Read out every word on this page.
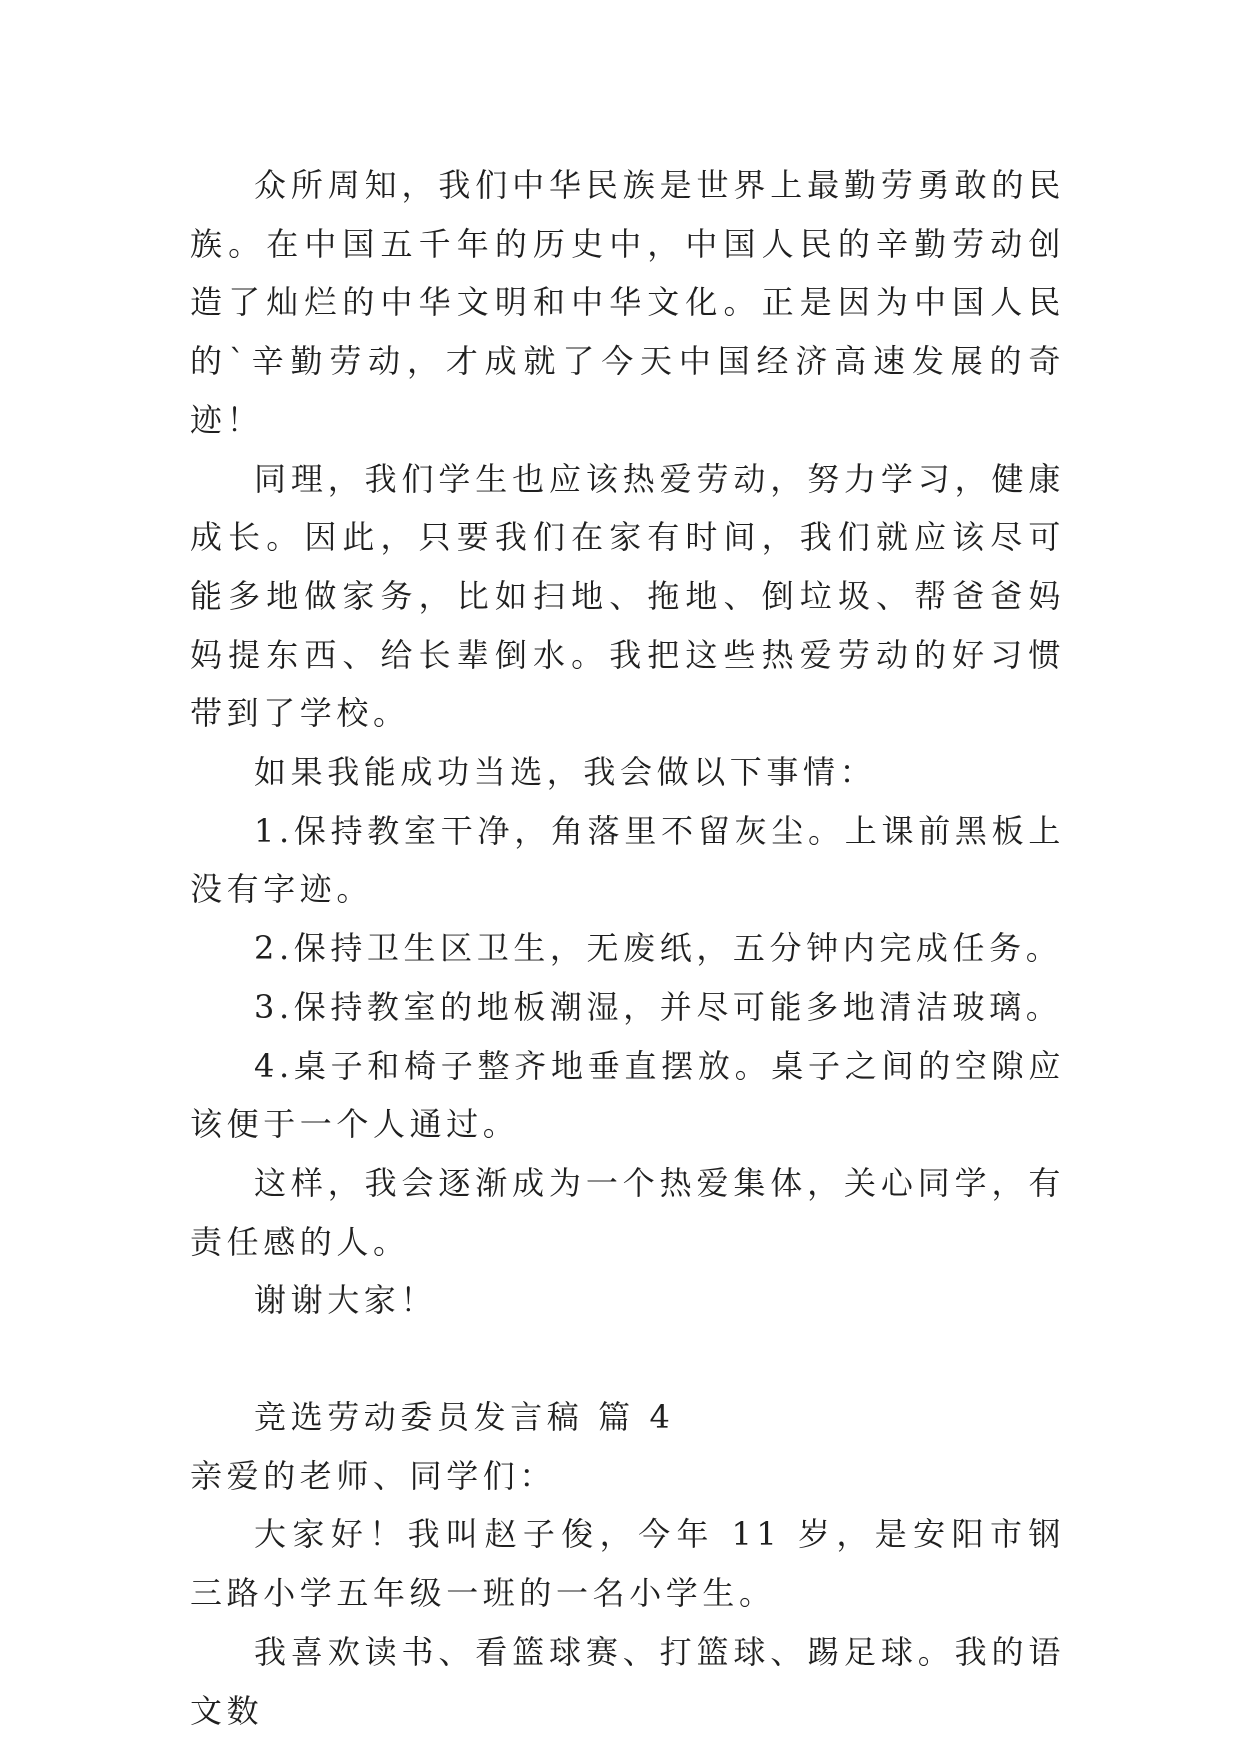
众所周知，我们中华民族是世界上最勤劳勇敢的民族。在中国五千年的历史中，中国人民的辛勤劳动创造了灿烂的中华文明和中华文化。正是因为中国人民的`辛勤劳动，才成就了今天中国经济高速发展的奇迹！

同理，我们学生也应该热爱劳动，努力学习，健康成长。因此，只要我们在家有时间，我们就应该尽可能多地做家务，比如扫地、拖地、倒垃圾、帮爸爸妈妈提东西、给长辈倒水。我把这些热爱劳动的好习惯带到了学校。

如果我能成功当选，我会做以下事情：

1.保持教室干净，角落里不留灰尘。上课前黑板上没有字迹。

2.保持卫生区卫生，无废纸，五分钟内完成任务。

3.保持教室的地板潮湿，并尽可能多地清洁玻璃。

4.桌子和椅子整齐地垂直摆放。桌子之间的空隙应该便于一个人通过。

这样，我会逐渐成为一个热爱集体，关心同学，有责任感的人。

谢谢大家！

竞选劳动委员发言稿 篇 4

亲爱的老师、同学们：

大家好！我叫赵子俊，今年 11 岁，是安阳市钢三路小学五年级一班的一名小学生。

我喜欢读书、看篮球赛、打篮球、踢足球。我的语文数
